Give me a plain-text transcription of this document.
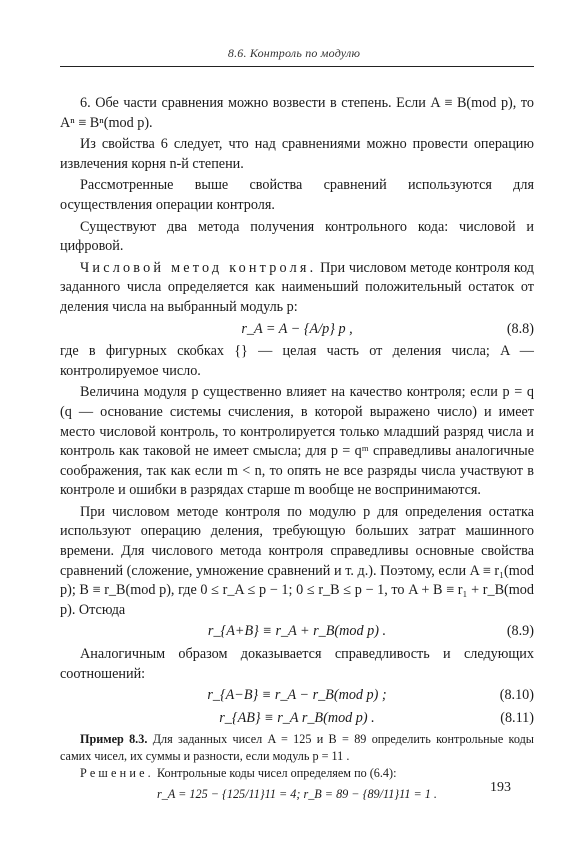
8.6. Контроль по модулю

6. Обе части сравнения можно возвести в степень. Если A ≡ B(mod p), то Aⁿ ≡ Bⁿ(mod p).

Из свойства 6 следует, что над сравнениями можно провести операцию извлечения корня n-й степени.

Рассмотренные выше свойства сравнений используются для осуществления операции контроля.

Существуют два метода получения контрольного кода: числовой и цифровой.

Числовой метод контроля. При числовом методе контроля код заданного числа определяется как наименьший положительный остаток от деления числа на выбранный модуль p:

r_A = A − {A/p} p ,	(8.8)

где в фигурных скобках {} — целая часть от деления числа; A — контролируемое число.

Величина модуля p существенно влияет на качество контроля; если p = q (q — основание системы счисления, в которой выражено число) и имеет место числовой контроль, то контролируется только младший разряд числа и контроль как таковой не имеет смысла; для p = qᵐ справедливы аналогичные соображения, так как если m < n, то опять не все разряды числа участвуют в контроле и ошибки в разрядах старше m вообще не воспринимаются.

При числовом методе контроля по модулю p для определения остатка используют операцию деления, требующую больших затрат машинного времени. Для числового метода контроля справедливы основные свойства сравнений (сложение, умножение сравнений и т. д.). Поэтому, если A ≡ r₁(mod p); B ≡ r_B(mod p), где 0 ≤ r_A ≤ p − 1; 0 ≤ r_B ≤ p − 1, то A + B ≡ r₁ + r_B(mod p). Отсюда

r_{A+B} ≡ r_A + r_B(mod p) .	(8.9)

Аналогичным образом доказывается справедливость и следующих соотношений:

r_{A−B} ≡ r_A − r_B(mod p) ;	(8.10)
r_{AB} ≡ r_A r_B(mod p) .	(8.11)

Пример 8.3. Для заданных чисел A = 125 и B = 89 определить контрольные коды самих чисел, их суммы и разности, если модуль p = 11 .

Решение. Контрольные коды чисел определяем по (6.4):

r_A = 125 − {125/11}11 = 4; r_B = 89 − {89/11}11 = 1 .	193
